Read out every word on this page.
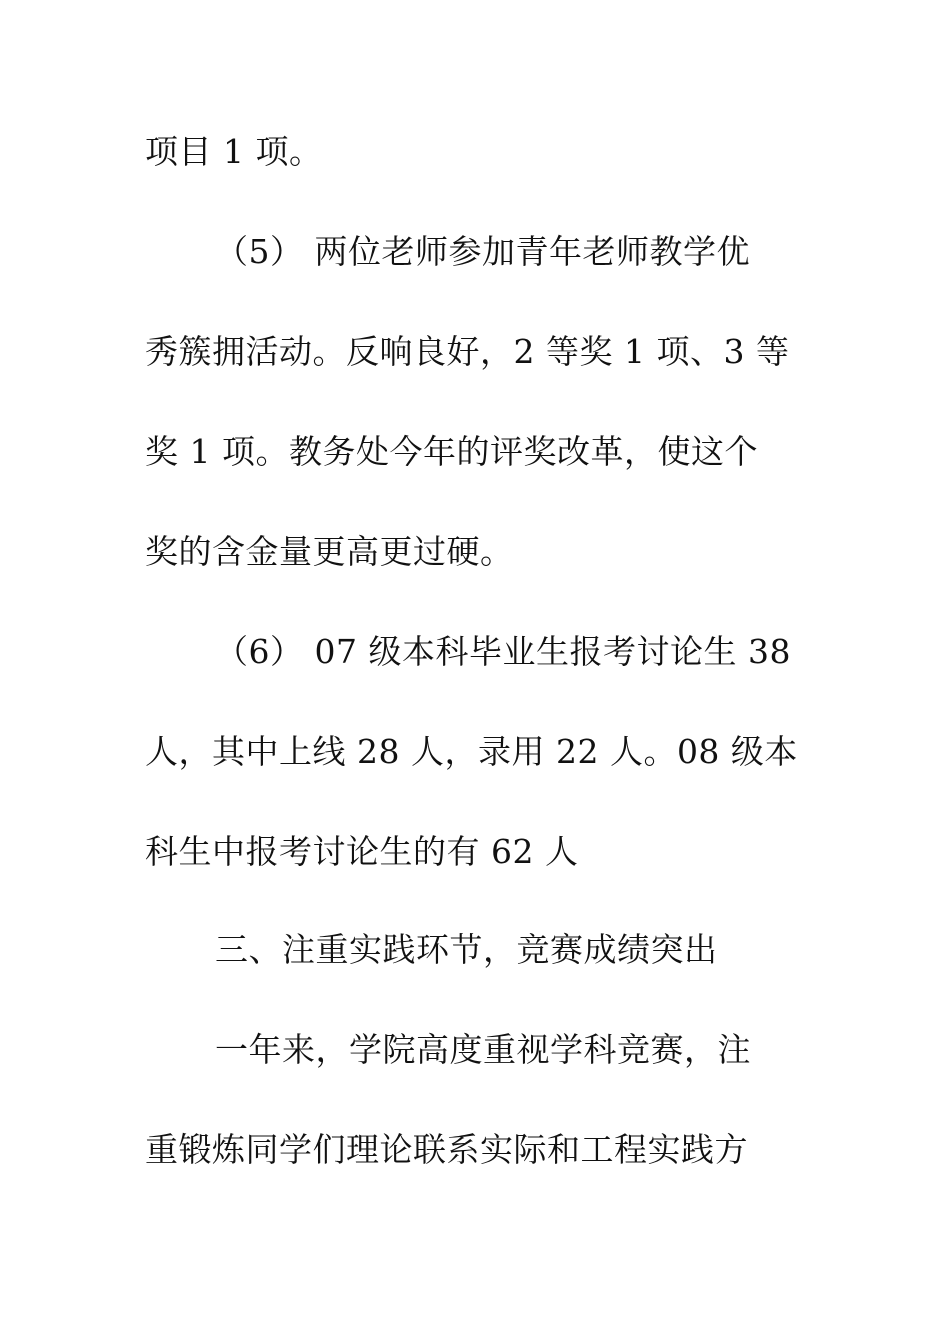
项目 1 项。

（5） 两位老师参加青年老师教学优

秀簇拥活动。反响良好，2 等奖 1 项、3 等

奖 1 项。教务处今年的评奖改革，使这个

奖的含金量更高更过硬。

（6） 07 级本科毕业生报考讨论生 38

人，其中上线 28 人，录用 22 人。08 级本

科生中报考讨论生的有 62 人

三、注重实践环节，竞赛成绩突出

一年来，学院高度重视学科竞赛，注

重锻炼同学们理论联系实际和工程实践方
